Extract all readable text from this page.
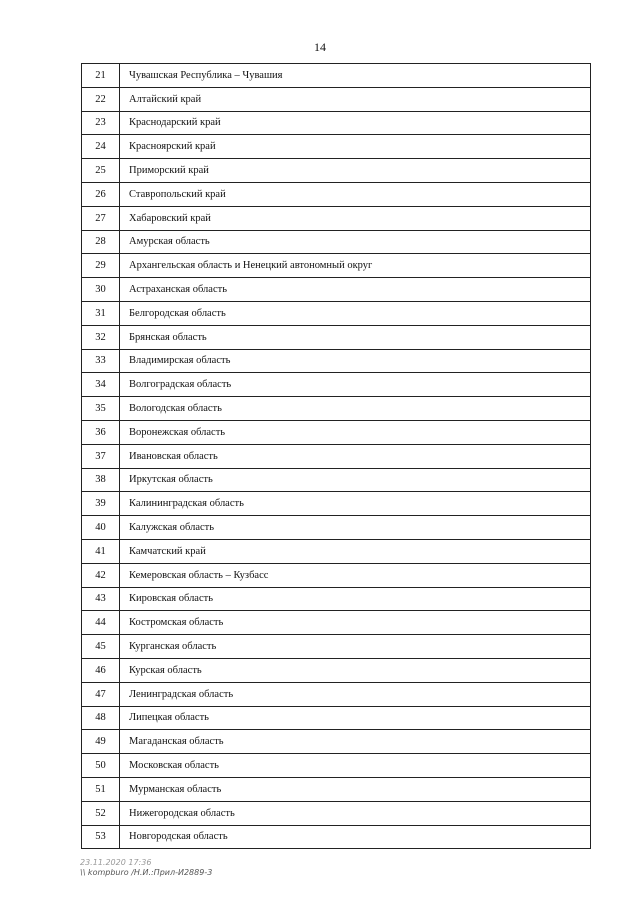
14
21	Чувашская Республика – Чувашия
22	Алтайский край
23	Краснодарский край
24	Красноярский край
25	Приморский край
26	Ставропольский край
27	Хабаровский край
28	Амурская область
29	Архангельская область и Ненецкий автономный округ
30	Астраханская область
31	Белгородская область
32	Брянская область
33	Владимирская область
34	Волгоградская область
35	Вологодская область
36	Воронежская область
37	Ивановская область
38	Иркутская область
39	Калининградская область
40	Калужская область
41	Камчатский край
42	Кемеровская область – Кузбасс
43	Кировская область
44	Костромская область
45	Курганская область
46	Курская область
47	Ленинградская область
48	Липецкая область
49	Магаданская область
50	Московская область
51	Мурманская область
52	Нижегородская область
53	Новгородская область
23.11.2020 17:36
\\ kompburo /Н.И.:Прил-И2889-3
